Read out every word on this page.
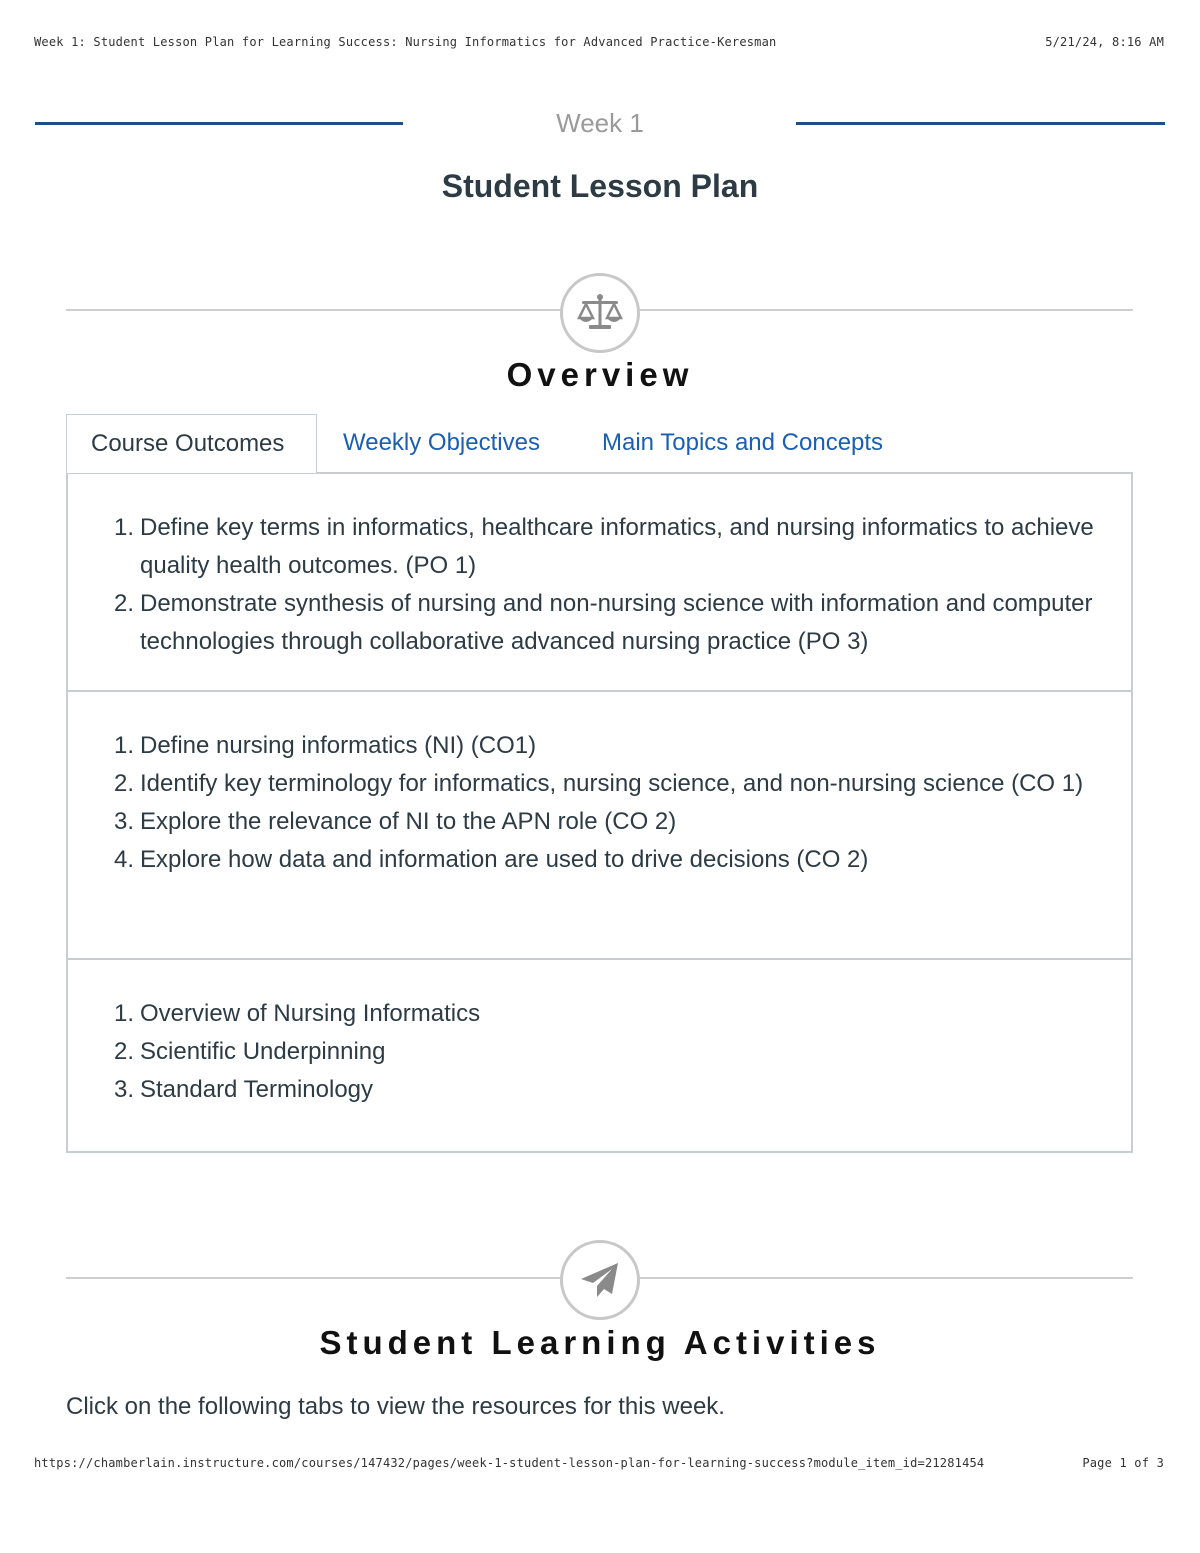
Week 1: Student Lesson Plan for Learning Success: Nursing Informatics for Advanced Practice-Keresman	5/21/24, 8:16 AM
Week 1
Student Lesson Plan
Overview
Course Outcomes	Weekly Objectives	Main Topics and Concepts
1. Define key terms in informatics, healthcare informatics, and nursing informatics to achieve quality health outcomes. (PO 1)
2. Demonstrate synthesis of nursing and non-nursing science with information and computer technologies through collaborative advanced nursing practice (PO 3)
1. Define nursing informatics (NI) (CO1)
2. Identify key terminology for informatics, nursing science, and non-nursing science (CO 1)
3. Explore the relevance of NI to the APN role (CO 2)
4. Explore how data and information are used to drive decisions (CO 2)
1. Overview of Nursing Informatics
2. Scientific Underpinning
3. Standard Terminology
Student Learning Activities

Click on the following tabs to view the resources for this week.

https://chamberlain.instructure.com/courses/147432/pages/week-1-student-lesson-plan-for-learning-success?module_item_id=21281454	Page 1 of 3
